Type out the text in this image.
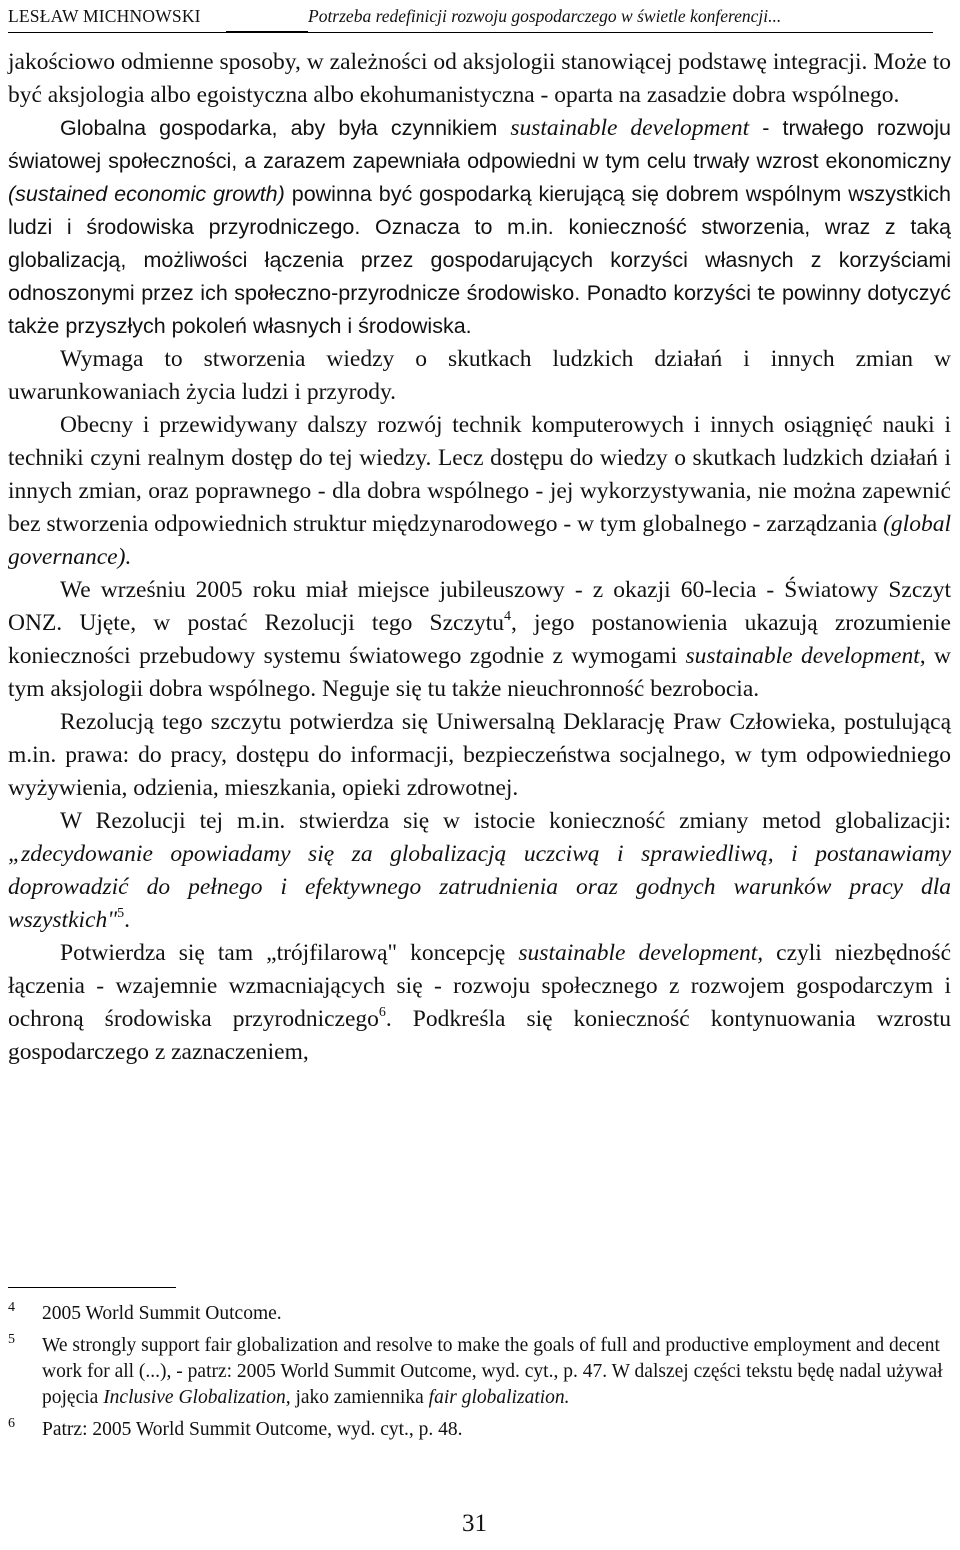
LESŁAW MICHNOWSKI	Potrzeba redefinicji rozwoju gospodarczego w świetle konferencji...

jakościowo odmienne sposoby, w zależności od aksjologii stanowiącej podstawę integracji. Może to być aksjologia albo egoistyczna albo ekohumanistyczna - oparta na zasadzie dobra wspólnego.

Globalna gospodarka, aby była czynnikiem sustainable development - trwałego rozwoju światowej społeczności, a zarazem zapewniała odpowiedni w tym celu trwały wzrost ekonomiczny (sustained economic growth) powinna być gospodarką kierującą się dobrem wspólnym wszystkich ludzi i środowiska przyrodniczego. Oznacza to m.in. konieczność stworzenia, wraz z taką globalizacją, możliwości łączenia przez gospodarujących korzyści własnych z korzyściami odnoszonymi przez ich społeczno-przyrodnicze środowisko. Ponadto korzyści te powinny dotyczyć także przyszłych pokoleń własnych i środowiska.

Wymaga to stworzenia wiedzy o skutkach ludzkich działań i innych zmian w uwarunkowaniach życia ludzi i przyrody.

Obecny i przewidywany dalszy rozwój technik komputerowych i innych osiągnięć nauki i techniki czyni realnym dostęp do tej wiedzy. Lecz dostępu do wiedzy o skutkach ludzkich działań i innych zmian, oraz poprawnego - dla dobra wspólnego - jej wykorzystywania, nie można zapewnić bez stworzenia odpowiednich struktur międzynarodowego - w tym globalnego - zarządzania (global governance).

We wrześniu 2005 roku miał miejsce jubileuszowy - z okazji 60-lecia - Światowy Szczyt ONZ. Ujęte, w postać Rezolucji tego Szczytu$^4$, jego postanowienia ukazują zrozumienie konieczności przebudowy systemu światowego zgodnie z wymogami sustainable development, w tym aksjologii dobra wspólnego. Neguje się tu także nieuchronność bezrobocia.

Rezolucją tego szczytu potwierdza się Uniwersalną Deklarację Praw Człowieka, postulującą m.in. prawa: do pracy, dostępu do informacji, bezpieczeństwa socjalnego, w tym odpowiedniego wyżywienia, odzienia, mieszkania, opieki zdrowotnej.

W Rezolucji tej m.in. stwierdza się w istocie konieczność zmiany metod globalizacji: „zdecydowanie opowiadamy się za globalizacją uczciwą i sprawiedliwą, i postanawiamy doprowadzić do pełnego i efektywnego zatrudnienia oraz godnych warunków pracy dla wszystkich"$^5$.

Potwierdza się tam „trójfilarową" koncepcję sustainable development, czyli niezbędność łączenia - wzajemnie wzmacniających się - rozwoju społecznego z rozwojem gospodarczym i ochroną środowiska przyrodniczego$^6$. Podkreśla się konieczność kontynuowania wzrostu gospodarczego z zaznaczeniem,

4 2005 World Summit Outcome.
5 We strongly support fair globalization and resolve to make the goals of full and productive employment and decent work for all (...), - patrz: 2005 World Summit Outcome, wyd. cyt., p. 47. W dalszej części tekstu będę nadal używał pojęcia Inclusive Globalization, jako zamiennika fair globalization.
6 Patrz: 2005 World Summit Outcome, wyd. cyt., p. 48.
31
